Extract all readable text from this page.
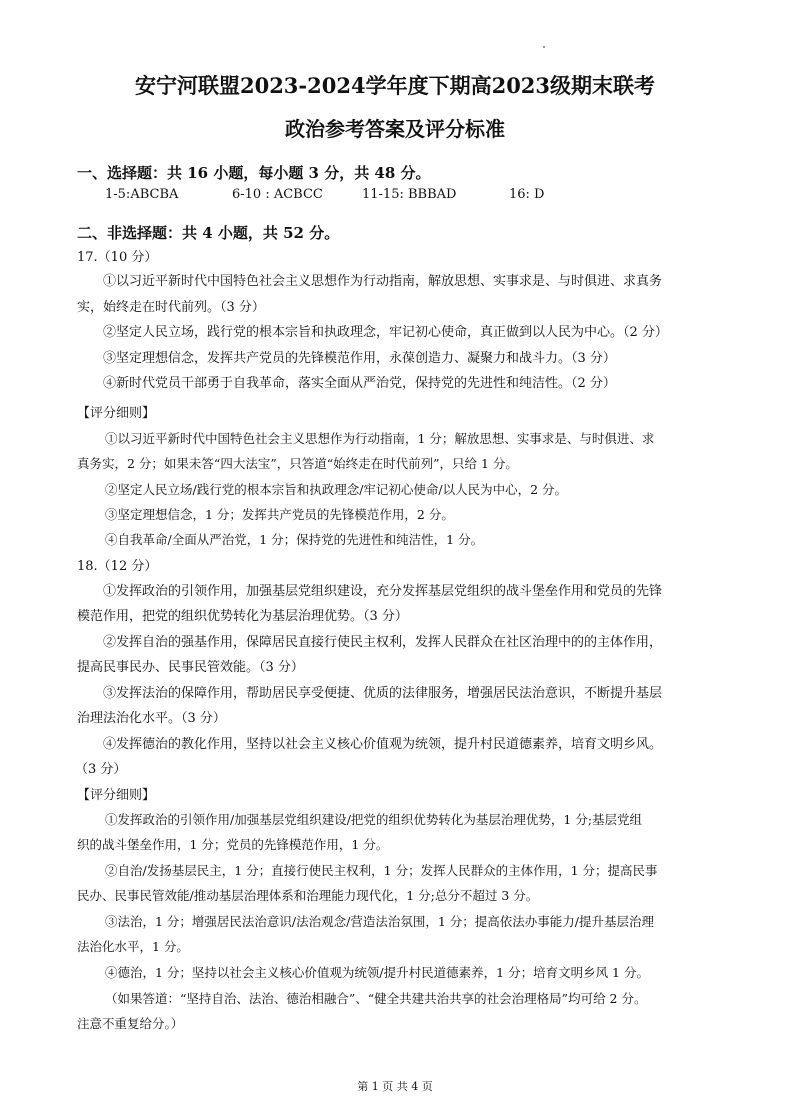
安宁河联盟2023-2024学年度下期高2023级期末联考
政治参考答案及评分标准
一、选择题：共 16 小题，每小题 3 分，共 48 分。
1-5:ABCBA	6-10 : ACBCC	11-15: BBBAD	16: D
二、非选择题：共 4 小题，共 52 分。
17.（10 分）
①以习近平新时代中国特色社会主义思想作为行动指南，解放思想、实事求是、与时俱进、求真务
实，始终走在时代前列。（3 分）
②坚定人民立场，践行党的根本宗旨和执政理念，牢记初心使命，真正做到以人民为中心。（2 分）
③坚定理想信念，发挥共产党员的先锋模范作用，永葆创造力、凝聚力和战斗力。（3 分）
④新时代党员干部勇于自我革命，落实全面从严治党，保持党的先进性和纯洁性。（2 分）
【评分细则】
①以习近平新时代中国特色社会主义思想作为行动指南，1 分；解放思想、实事求是、与时俱进、求
真务实，2 分；如果未答“四大法宝”，只答道“始终走在时代前列”，只给 1 分。
②坚定人民立场/践行党的根本宗旨和执政理念/牢记初心使命/以人民为中心，2 分。
③坚定理想信念，1 分；发挥共产党员的先锋模范作用，2 分。
④自我革命/全面从严治党，1 分；保持党的先进性和纯洁性，1 分。
18.（12 分）
①发挥政治的引领作用，加强基层党组织建设，充分发挥基层党组织的战斗堡垒作用和党员的先锋
模范作用，把党的组织优势转化为基层治理优势。（3 分）
②发挥自治的强基作用，保障居民直接行使民主权利，发挥人民群众在社区治理中的的主体作用，
提高民事民办、民事民管效能。（3 分）
③发挥法治的保障作用，帮助居民享受便捷、优质的法律服务，增强居民法治意识，不断提升基层
治理法治化水平。（3 分）
④发挥德治的教化作用，坚持以社会主义核心价值观为统领，提升村民道德素养，培育文明乡风。
（3 分）
【评分细则】
①发挥政治的引领作用/加强基层党组织建设/把党的组织优势转化为基层治理优势，1 分;基层党组
织的战斗堡垒作用，1 分；党员的先锋模范作用，1 分。
②自治/发扬基层民主，1 分；直接行使民主权利，1 分；发挥人民群众的主体作用，1 分；提高民事
民办、民事民管效能/推动基层治理体系和治理能力现代化，1 分;总分不超过 3 分。
③法治，1 分；增强居民法治意识/法治观念/营造法治氛围，1 分；提高依法办事能力/提升基层治理
法治化水平，1 分。
④德治，1 分；坚持以社会主义核心价值观为统领/提升村民道德素养，1 分；培育文明乡风 1 分。
（如果答道：“坚持自治、法治、德治相融合”、“健全共建共治共享的社会治理格局”均可给 2 分。
注意不重复给分。）
第 1 页 共 4 页
